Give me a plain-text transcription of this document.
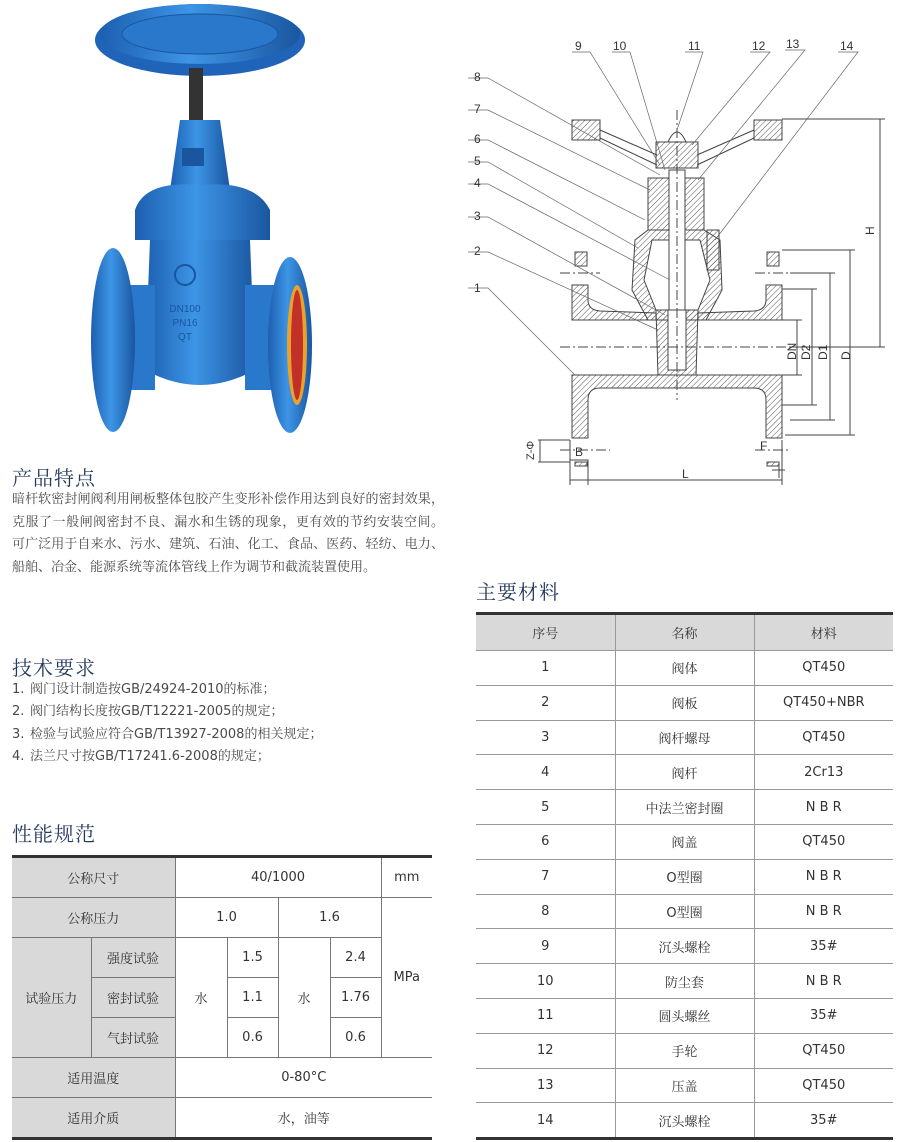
DN100
PN16
QT
H
D
D1
D2
DN
L
B	F
Z-Φ
1
2
3
4
5
6
7
8
9	10	11	12 13	14
产品特点
暗杆软密封闸阀利用闸板整体包胶产生变形补偿作用达到良好的密封效果，克服了一般闸阀密封不良、漏水和生锈的现象，更有效的节约安装空间。 可广泛用于自来水、污水、建筑、石油、化工、食品、医药、轻纺、电力、船舶、冶金、能源系统等流体管线上作为调节和截流装置使用。
技术要求
1. 阀门设计制造按GB/24924-2010的标准；
2. 阀门结构长度按GB/T12221-2005的规定；
3. 检验与试验应符合GB/T13927-2008的相关规定；
4. 法兰尺寸按GB/T17241.6-2008的规定；
性能规范
公称尺寸		40/1000				mm
公称压力		1.0		1.6		MPa
试验压力	强度试验	水	1.5	水	2.4	
	密封试验		1.1		1.76	
	气封试验		0.6		0.6	
适用温度		0-80°C				
适用介质		水，油等				
主要材料
序号	名称	材料
1	阀体	QT450
2	阀板	QT450+NBR
3	阀杆螺母	QT450
4	阀杆	2Cr13
5	中法兰密封圈	N B R
6	阀盖	QT450
7	O型圈	N B R
8	O型圈	N B R
9	沉头螺栓	35#
10	防尘套	N B R
11	圆头螺丝	35#
12	手轮	QT450
13	压盖	QT450
14	沉头螺栓	35#
